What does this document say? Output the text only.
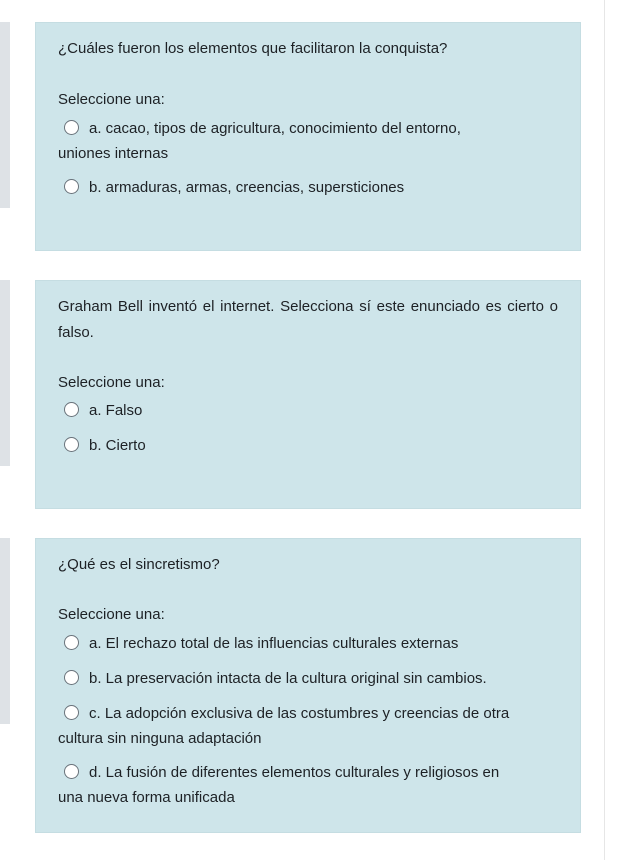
¿Cuáles fueron los elementos que facilitaron la conquista?
Seleccione una:
a. cacao, tipos de agricultura, conocimiento del entorno,
uniones internas
b. armaduras, armas, creencias, supersticiones
Graham Bell inventó el internet. Selecciona sí este enunciado es cierto o falso.
Seleccione una:
a. Falso
b. Cierto
¿Qué es el sincretismo?
Seleccione una:
a. El rechazo total de las influencias culturales externas
b. La preservación intacta de la cultura original sin cambios.
c. La adopción exclusiva de las costumbres y creencias de otra
cultura sin ninguna adaptación
d. La fusión de diferentes elementos culturales y religiosos en
una nueva forma unificada
